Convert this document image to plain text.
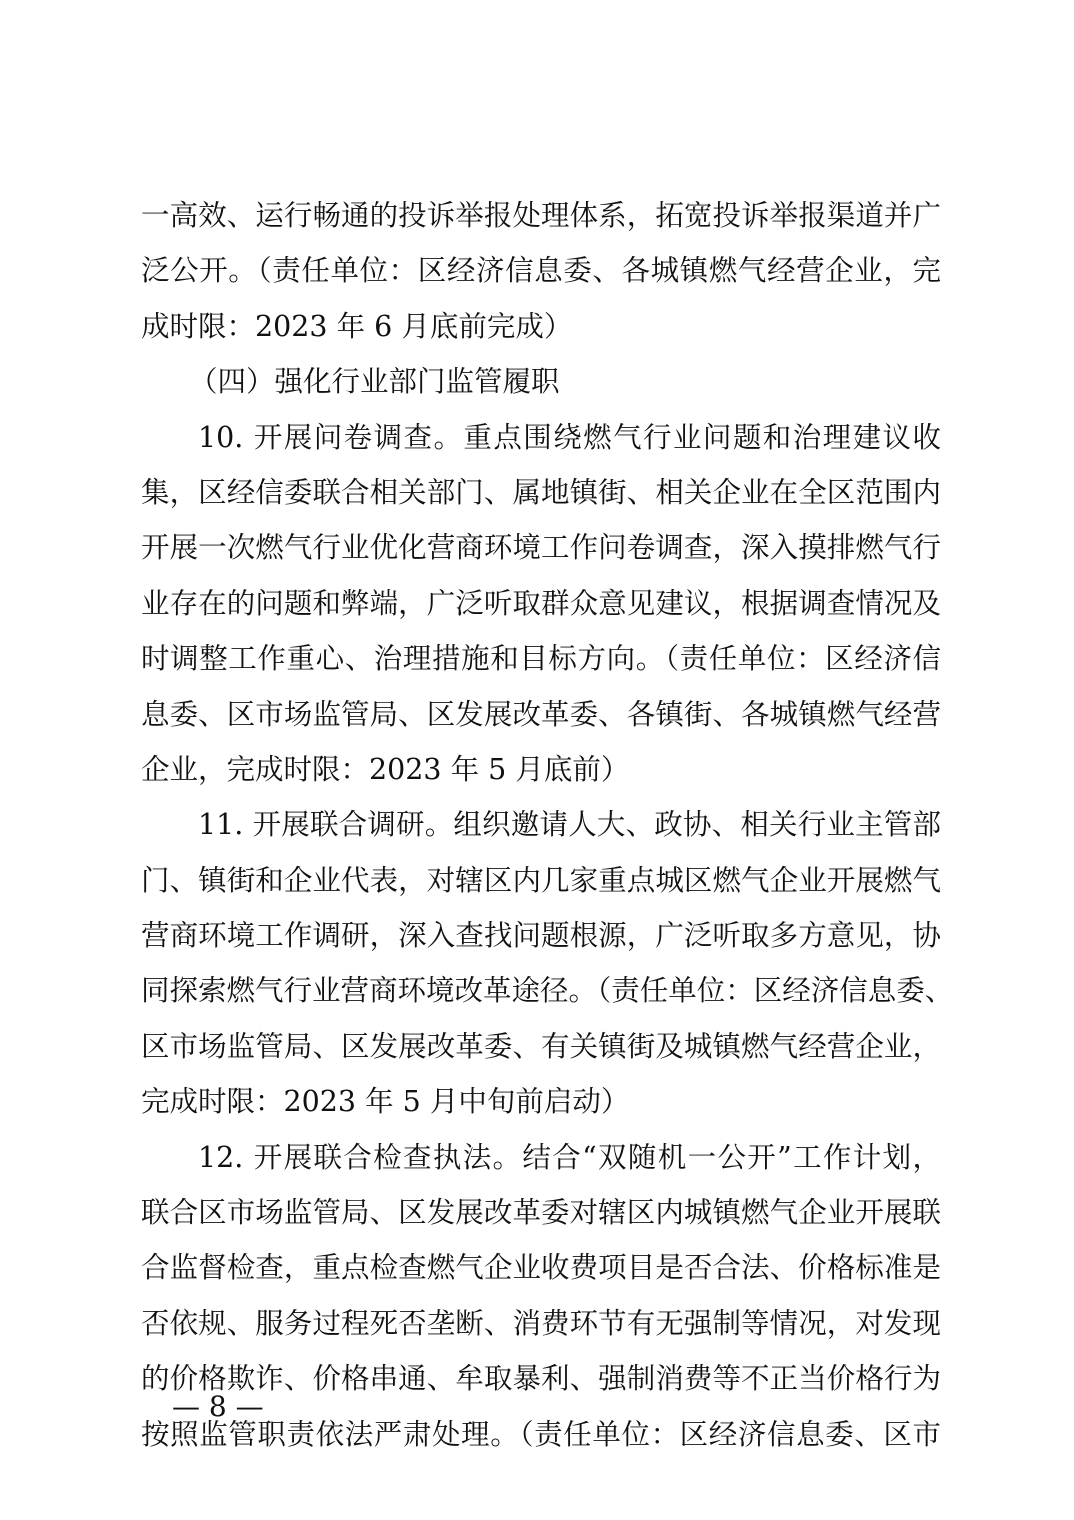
一高效、运行畅通的投诉举报处理体系，拓宽投诉举报渠道并广
泛公开。（责任单位：区经济信息委、各城镇燃气经营企业，完
成时限：2023 年 6 月底前完成）
（四）强化行业部门监管履职
10. 开展问卷调查。重点围绕燃气行业问题和治理建议收
集，区经信委联合相关部门、属地镇街、相关企业在全区范围内
开展一次燃气行业优化营商环境工作问卷调查，深入摸排燃气行
业存在的问题和弊端，广泛听取群众意见建议，根据调查情况及
时调整工作重心、治理措施和目标方向。（责任单位：区经济信
息委、区市场监管局、区发展改革委、各镇街、各城镇燃气经营
企业，完成时限：2023 年 5 月底前）
11. 开展联合调研。组织邀请人大、政协、相关行业主管部
门、镇街和企业代表，对辖区内几家重点城区燃气企业开展燃气
营商环境工作调研，深入查找问题根源，广泛听取多方意见，协
同探索燃气行业营商环境改革途径。（责任单位：区经济信息委、
区市场监管局、区发展改革委、有关镇街及城镇燃气经营企业，
完成时限：2023 年 5 月中旬前启动）
12. 开展联合检查执法。结合“双随机一公开”工作计划，
联合区市场监管局、区发展改革委对辖区内城镇燃气企业开展联
合监督检查，重点检查燃气企业收费项目是否合法、价格标准是
否依规、服务过程死否垄断、消费环节有无强制等情况，对发现
的价格欺诈、价格串通、牟取暴利、强制消费等不正当价格行为
按照监管职责依法严肃处理。（责任单位：区经济信息委、区市
— 8 —
